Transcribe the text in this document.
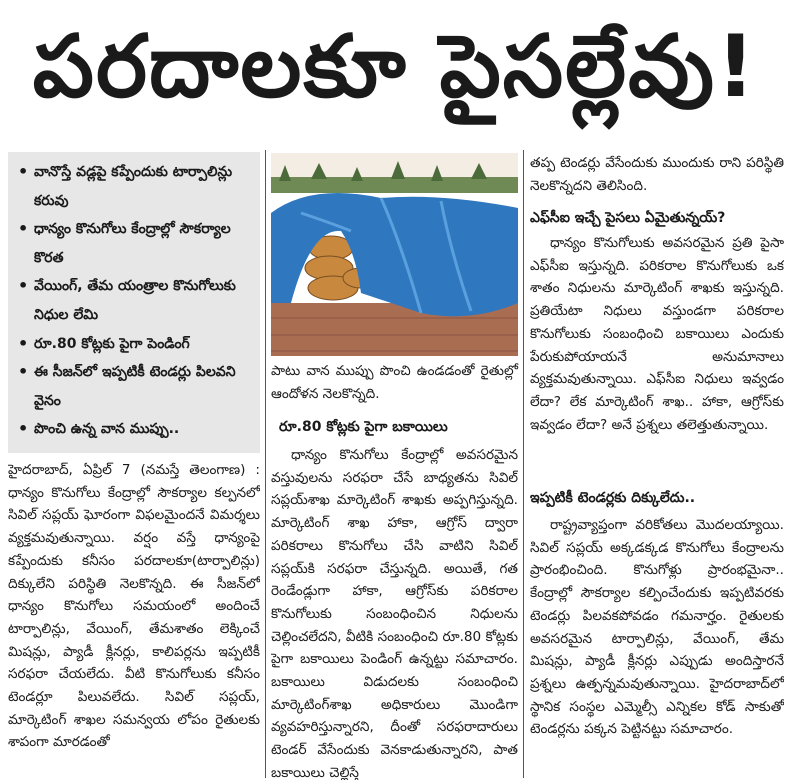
పరదాలకూ పైసల్లేవు!
• వానొస్తే వడ్లపై కప్పేందుకు టార్పాలిన్లు కరువు
• ధాన్యం కొనుగోలు కేంద్రాల్లో సౌకర్యాల కొరత
• వేయింగ్‌, తేమ యంత్రాల కొనుగోలుకు నిధుల లేమి
• రూ.80 కోట్లకు పైగా పెండింగ్‌
• ఈ సీజన్‌లో ఇప్పటికీ టెండర్లు పిలవని వైనం
• పొంచి ఉన్న వాన ముప్పు..

హైదరాబాద్‌, ఏప్రిల్‌ 7 (నమస్తే తెలంగాణ) : ధాన్యం కొనుగోలు కేంద్రాల్లో సౌకర్యాల కల్పనలో సివిల్‌ సప్లయ్‌ ఘోరంగా విఫలమైందనే విమర్శలు వ్యక్తమవుతున్నాయి. వర్షం వస్తే ధాన్యంపై కప్పేందుకు కనీసం పరదాలకూ(టార్పాలిన్లు) దిక్కులేని పరిస్థితి నెలకొన్నది. ఈ సీజన్‌లో ధాన్యం కొనుగోలు సమయంలో అందించే టార్పాలిన్లు, వేయింగ్‌, తేమశాతం లెక్కించే మిషన్లు, ప్యాడీ క్లీనర్లు, కాలిపర్లను ఇప్పటికీ సరఫరా చేయలేదు. వీటి కొనుగోలుకు కనీసం టెండర్లూ పిలువలేదు. సివిల్‌ సప్లయ్‌, మార్కెటింగ్‌ శాఖల సమన్వయ లోపం రైతులకు శాపంగా మారడంతో

పాటు వాన ముప్పు పొంచి ఉండడంతో రైతుల్లో ఆందోళన నెలకొన్నది.

రూ.80 కోట్లకు పైగా బకాయిలు

ధాన్యం కొనుగోలు కేంద్రాల్లో అవసరమైన వస్తువులను సరఫరా చేసే బాధ్యతను సివిల్‌ సప్లయ్‌శాఖ మార్కెటింగ్‌ శాఖకు అప్పగిస్తున్నది. మార్కెటింగ్‌ శాఖ హాకా, ఆగ్రోస్‌ ద్వారా పరికరాలు కొనుగోలు చేసి వాటిని సివిల్‌ సప్లయ్‌కి సరఫరా చేస్తున్నది. అయితే, గత రెండేండ్లుగా హాకా, ఆగ్రోస్‌కు పరికరాల కొనుగోలుకు సంబంధించిన నిధులను చెల్లించలేదని, వీటికి సంబంధించి రూ.80 కోట్లకు పైగా బకాయిలు పెండింగ్‌ ఉన్నట్టు సమాచారం. బకాయిలు విడుదలకు సంబంధించి మార్కెటింగ్‌శాఖ అధికారులు మొండిగా వ్యవహరిస్తున్నారని, దీంతో సరఫరాదారులు టెండర్‌ వేసేందుకు వెనకాడుతున్నారని, పాత బకాయిలు చెల్లిస్తే

తప్ప టెండర్లు వేసేందుకు ముందుకు రాని పరిస్థితి నెలకొన్నదని తెలిసింది.

ఎఫ్‌సీఐ ఇచ్చే పైసలు ఏమైతున్నయ్‌?

ధాన్యం కొనుగోలుకు అవసరమైన ప్రతి పైసా ఎఫ్‌సీఐ ఇస్తున్నది. పరికరాల కొనుగోలుకు ఒక శాతం నిధులను మార్కెటింగ్‌ శాఖకు ఇస్తున్నది. ప్రతియేటా నిధులు వస్తుండగా పరికరాల కొనుగోలుకు సంబంధించి బకాయిలు ఎందుకు పేరుకుపోయాయనే అనుమానాలు వ్యక్తమవుతున్నాయి. ఎఫ్‌సీఐ నిధులు ఇవ్వడం లేదా? లేక మార్కెటింగ్‌ శాఖ.. హాకా, ఆగ్రోస్‌కు ఇవ్వడం లేదా? అనే ప్రశ్నలు తలెత్తుతున్నాయి.

ఇప్పటికీ టెండర్లకు దిక్కులేదు..

రాష్ట్రవ్యాప్తంగా వరికోతలు మొదలయ్యాయి. సివిల్‌ సప్లయ్‌ అక్కడక్కడ కొనుగోలు కేంద్రాలను ప్రారంభించింది. కొనుగోళ్లు ప్రారంభమైనా.. కేంద్రాల్లో సౌకర్యాల కల్పించేందుకు ఇప్పటివరకు టెండర్లు పిలవకపోవడం గమనార్హం. రైతులకు అవసరమైన టార్పాలిన్లు, వేయింగ్‌, తేమ మిషన్లు, ప్యాడీ క్లీనర్లు ఎప్పుడు అందిస్తారనే ప్రశ్నలు ఉత్పన్నమవుతున్నాయి. హైదరాబాద్‌లో స్థానిక సంస్థల ఎమ్మెల్సీ ఎన్నికల కోడ్‌ సాకుతో టెండర్లను పక్కన పెట్టినట్టు సమాచారం.
